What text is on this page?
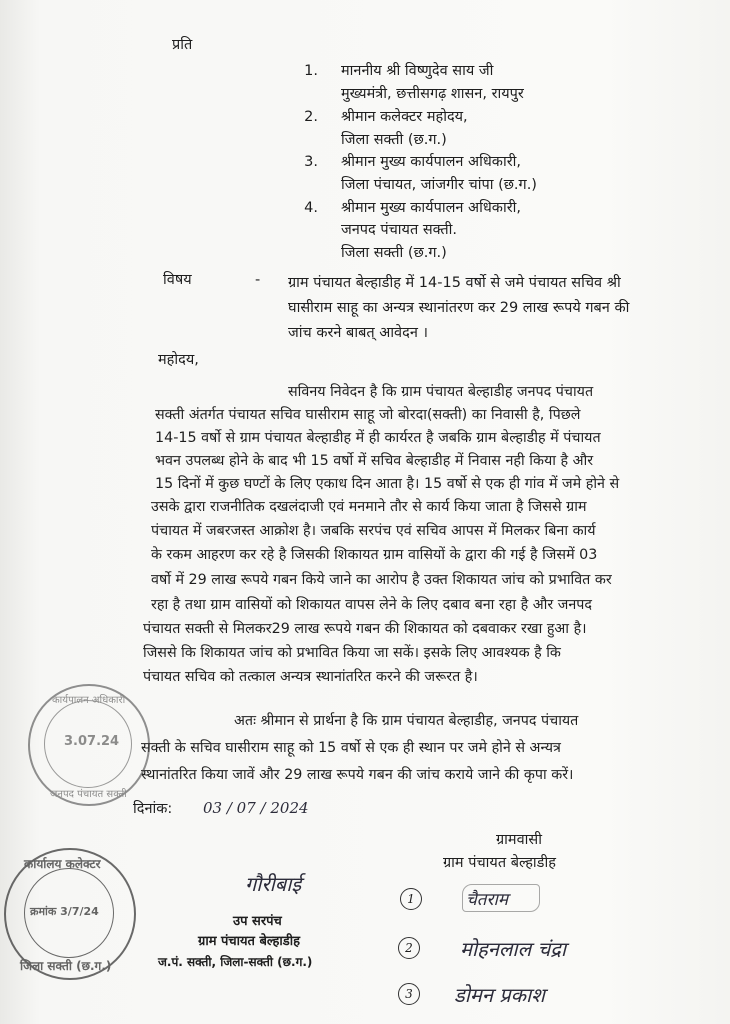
प्रति
1. माननीय श्री विष्णुदेव साय जी
मुख्यमंत्री, छत्तीसगढ़ शासन, रायपुर
2. श्रीमान कलेक्टर महोदय,
जिला सक्ती (छ.ग.)
3. श्रीमान मुख्य कार्यपालन अधिकारी,
जिला पंचायत, जांजगीर चांपा (छ.ग.)
4. श्रीमान मुख्य कार्यपालन अधिकारी,
जनपद पंचायत सक्ती.
जिला सक्ती (छ.ग.)
विषय	- ग्राम पंचायत बेल्हाडीह में 14-15 वर्षो से जमे पंचायत सचिव श्री
घासीराम साहू का अन्यत्र स्थानांतरण कर 29 लाख रूपये गबन की
जांच करने बाबत् आवेदन ।
महोदय,
सविनय निवेदन है कि ग्राम पंचायत बेल्हाडीह जनपद पंचायत
सक्ती अंतर्गत पंचायत सचिव घासीराम साहू जो बोरदा(सक्ती) का निवासी है, पिछले
14-15 वर्षो से ग्राम पंचायत बेल्हाडीह में ही कार्यरत है जबकि ग्राम बेल्हाडीह में पंचायत
भवन उपलब्ध होने के बाद भी 15 वर्षो में सचिव बेल्हाडीह में निवास नही किया है और
15 दिनों में कुछ घण्टों के लिए एकाध दिन आता है। 15 वर्षो से एक ही गांव में जमे होने से
उसके द्वारा राजनीतिक दखलंदाजी एवं मनमाने तौर से कार्य किया जाता है जिससे ग्राम
पंचायत में जबरजस्त आक्रोश है। जबकि सरपंच एवं सचिव आपस में मिलकर बिना कार्य
के रकम आहरण कर रहे है जिसकी शिकायत ग्राम वासियों के द्वारा की गई है जिसमें 03
वर्षो में 29 लाख रूपये गबन किये जाने का आरोप है उक्त शिकायत जांच को प्रभावित कर
रहा है तथा ग्राम वासियों को शिकायत वापस लेने के लिए दबाव बना रहा है और जनपद
पंचायत सक्ती से मिलकर29 लाख रूपये गबन की शिकायत को दबवाकर रखा हुआ है।
जिससे कि शिकायत जांच को प्रभावित किया जा सकें। इसके लिए आवश्यक है कि
पंचायत सचिव को तत्काल अन्यत्र स्थानांतरित करने की जरूरत है।
अतः श्रीमान से प्रार्थना है कि ग्राम पंचायत बेल्हाडीह, जनपद पंचायत
सक्ती के सचिव घासीराम साहू को 15 वर्षो से एक ही स्थान पर जमे होने से अन्यत्र
स्थानांतरित किया जावें और 29 लाख रूपये गबन की जांच कराये जाने की कृपा करें।
दिनांक: 03 / 07 / 2024
ग्रामवासी
ग्राम पंचायत बेल्हाडीह
कार्यपालन अधिकारी
3.07.24
जनपद पंचायत सक्ती
कार्यालय कलेक्टर
क्रमांक 3/7/24
जिला सक्ती (छ.ग.)
गौरीबाई
उप सरपंच
ग्राम पंचायत बेल्हाडीह
ज.पं. सक्ती, जिला-सक्ती (छ.ग.)
1	चैतराम
2	मोहनलाल चंद्रा
3	डोमन प्रकाश
